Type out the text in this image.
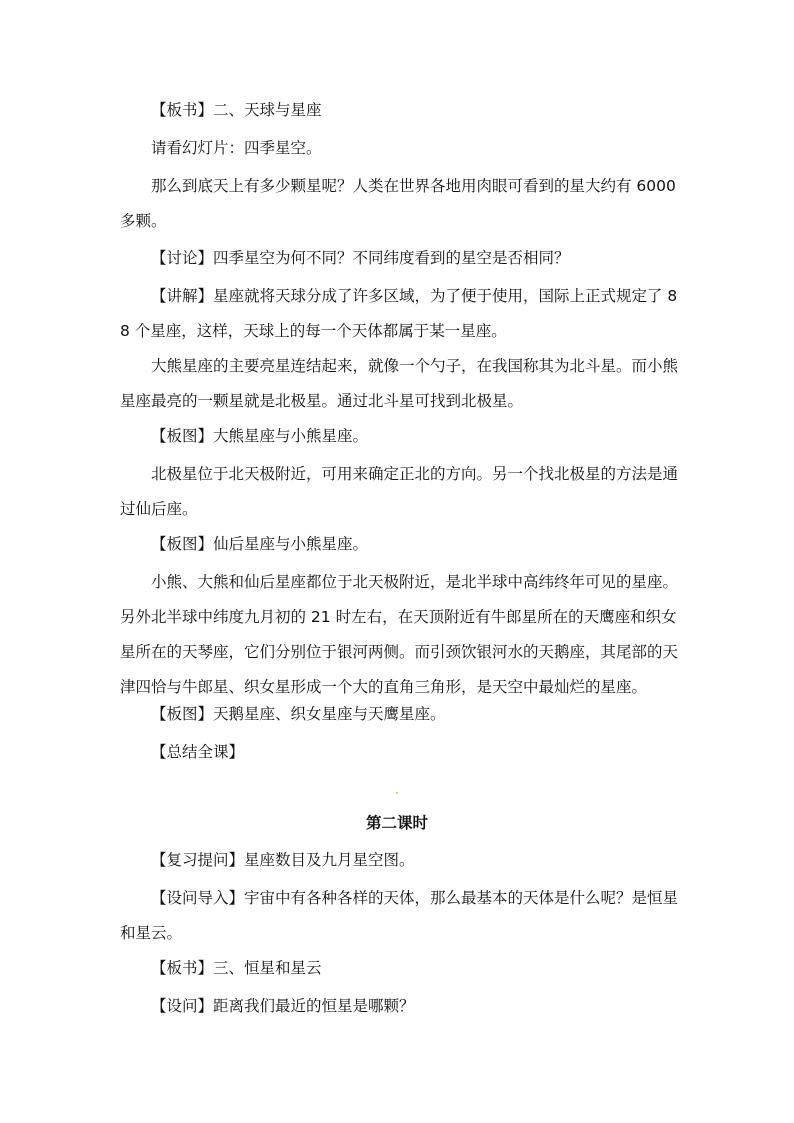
【板书】二、天球与星座

请看幻灯片：四季星空。

那么到底天上有多少颗星呢？人类在世界各地用肉眼可看到的星大约有 6000 多颗。

【讨论】四季星空为何不同？不同纬度看到的星空是否相同？

【讲解】星座就将天球分成了许多区域，为了便于使用，国际上正式规定了 88 个星座，这样，天球上的每一个天体都属于某一星座。

大熊星座的主要亮星连结起来，就像一个勺子，在我国称其为北斗星。而小熊星座最亮的一颗星就是北极星。通过北斗星可找到北极星。

【板图】大熊星座与小熊星座。

北极星位于北天极附近，可用来确定正北的方向。另一个找北极星的方法是通过仙后座。

【板图】仙后星座与小熊星座。

小熊、大熊和仙后星座都位于北天极附近，是北半球中高纬终年可见的星座。另外北半球中纬度九月初的 21 时左右，在天顶附近有牛郎星所在的天鹰座和织女星所在的天琴座，它们分别位于银河两侧。而引颈饮银河水的天鹅座，其尾部的天津四恰与牛郎星、织女星形成一个大的直角三角形，是天空中最灿烂的星座。

【板图】天鹅星座、织女星座与天鹰星座。

【总结全课】

第二课时

【复习提问】星座数目及九月星空图。

【设问导入】宇宙中有各种各样的天体，那么最基本的天体是什么呢？是恒星和星云。

【板书】三、恒星和星云

【设问】距离我们最近的恒星是哪颗？
